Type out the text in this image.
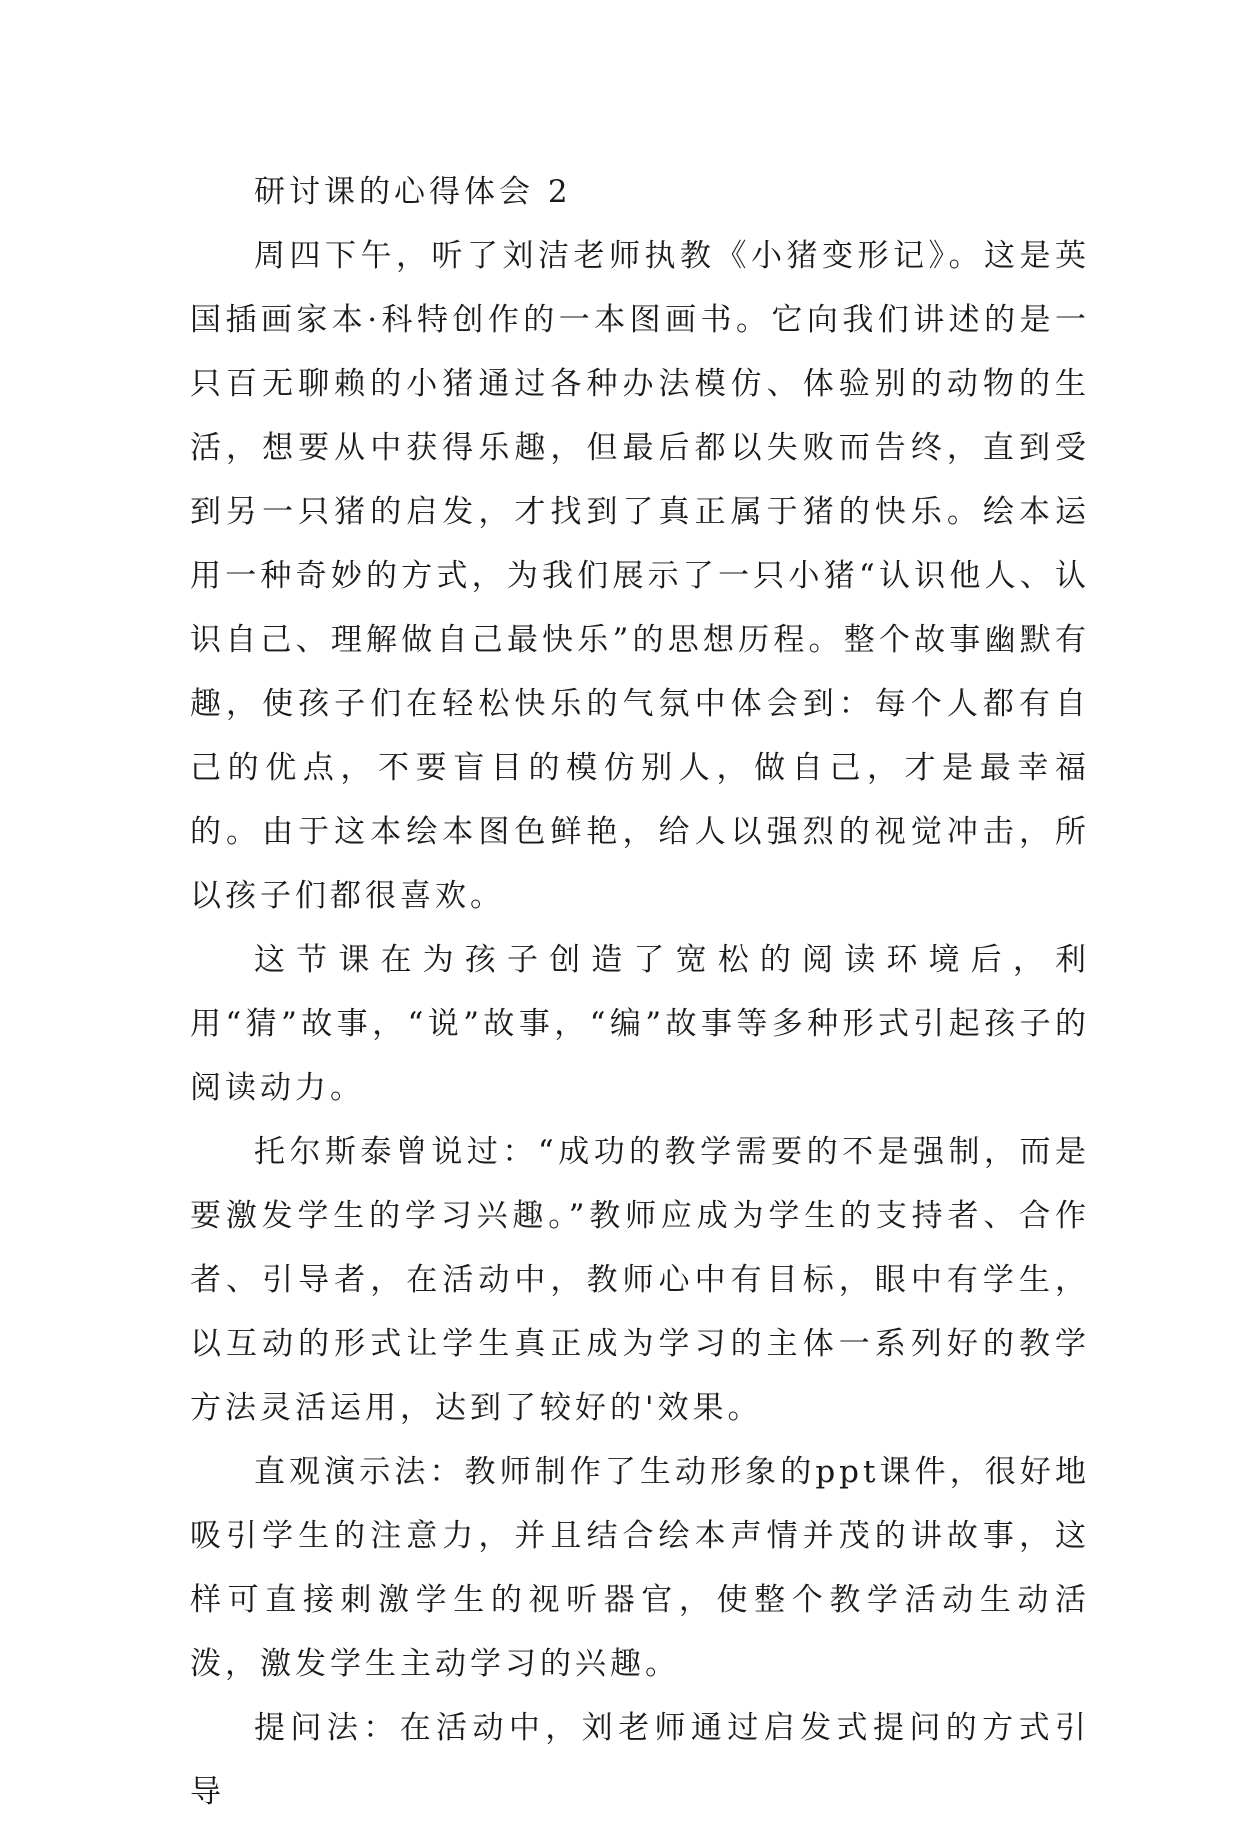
研讨课的心得体会 2

周四下午，听了刘洁老师执教《小猪变形记》。这是英国插画家本·科特创作的一本图画书。它向我们讲述的是一只百无聊赖的小猪通过各种办法模仿、体验别的动物的生活，想要从中获得乐趣，但最后都以失败而告终，直到受到另一只猪的启发，才找到了真正属于猪的快乐。绘本运用一种奇妙的方式，为我们展示了一只小猪“认识他人、认识自己、理解做自己最快乐”的思想历程。整个故事幽默有趣，使孩子们在轻松快乐的气氛中体会到：每个人都有自己的优点，不要盲目的模仿别人，做自己，才是最幸福的。由于这本绘本图色鲜艳，给人以强烈的视觉冲击，所以孩子们都很喜欢。

这节课在为孩子创造了宽松的阅读环境后，利用“猜”故事，“说”故事，“编”故事等多种形式引起孩子的阅读动力。

托尔斯泰曾说过：“成功的教学需要的不是强制，而是要激发学生的学习兴趣。”教师应成为学生的支持者、合作者、引导者，在活动中，教师心中有目标，眼中有学生，以互动的形式让学生真正成为学习的主体一系列好的教学方法灵活运用，达到了较好的'效果。

直观演示法：教师制作了生动形象的ppt课件，很好地吸引学生的注意力，并且结合绘本声情并茂的讲故事，这样可直接刺激学生的视听器官，使整个教学活动生动活泼，激发学生主动学习的兴趣。

提问法：在活动中，刘老师通过启发式提问的方式引导
